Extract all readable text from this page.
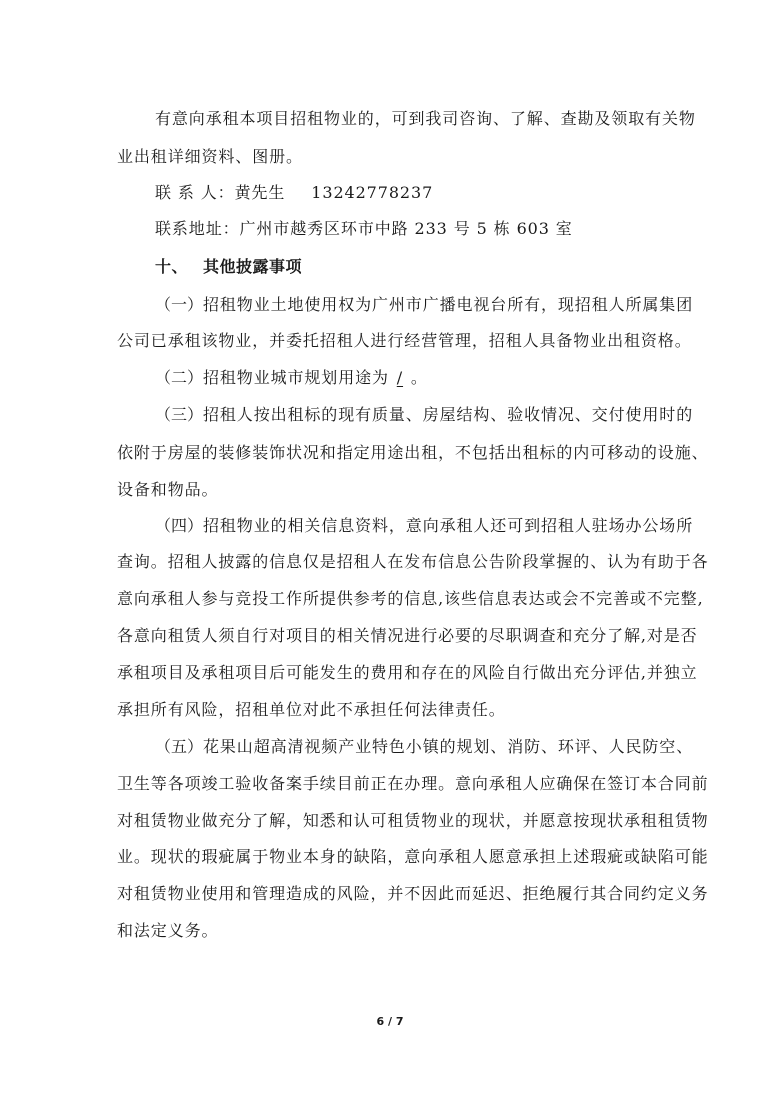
有意向承租本项目招租物业的，可到我司咨询、了解、查勘及领取有关物
业出租详细资料、图册。
联 系 人：黄先生 13242778237
联系地址：广州市越秀区环市中路 233 号 5 栋 603 室
十、 其他披露事项
（一）招租物业土地使用权为广州市广播电视台所有，现招租人所属集团
公司已承租该物业，并委托招租人进行经营管理，招租人具备物业出租资格。
（二）招租物业城市规划用途为 / 。
（三）招租人按出租标的现有质量、房屋结构、验收情况、交付使用时的
依附于房屋的装修装饰状况和指定用途出租，不包括出租标的内可移动的设施、
设备和物品。
（四）招租物业的相关信息资料，意向承租人还可到招租人驻场办公场所
查询。招租人披露的信息仅是招租人在发布信息公告阶段掌握的、认为有助于各
意向承租人参与竞投工作所提供参考的信息,该些信息表达或会不完善或不完整,
各意向租赁人须自行对项目的相关情况进行必要的尽职调查和充分了解,对是否
承租项目及承租项目后可能发生的费用和存在的风险自行做出充分评估,并独立
承担所有风险，招租单位对此不承担任何法律责任。
（五）花果山超高清视频产业特色小镇的规划、消防、环评、人民防空、
卫生等各项竣工验收备案手续目前正在办理。意向承租人应确保在签订本合同前
对租赁物业做充分了解，知悉和认可租赁物业的现状，并愿意按现状承租租赁物
业。现状的瑕疵属于物业本身的缺陷，意向承租人愿意承担上述瑕疵或缺陷可能
对租赁物业使用和管理造成的风险，并不因此而延迟、拒绝履行其合同约定义务
和法定义务。
6 / 7
